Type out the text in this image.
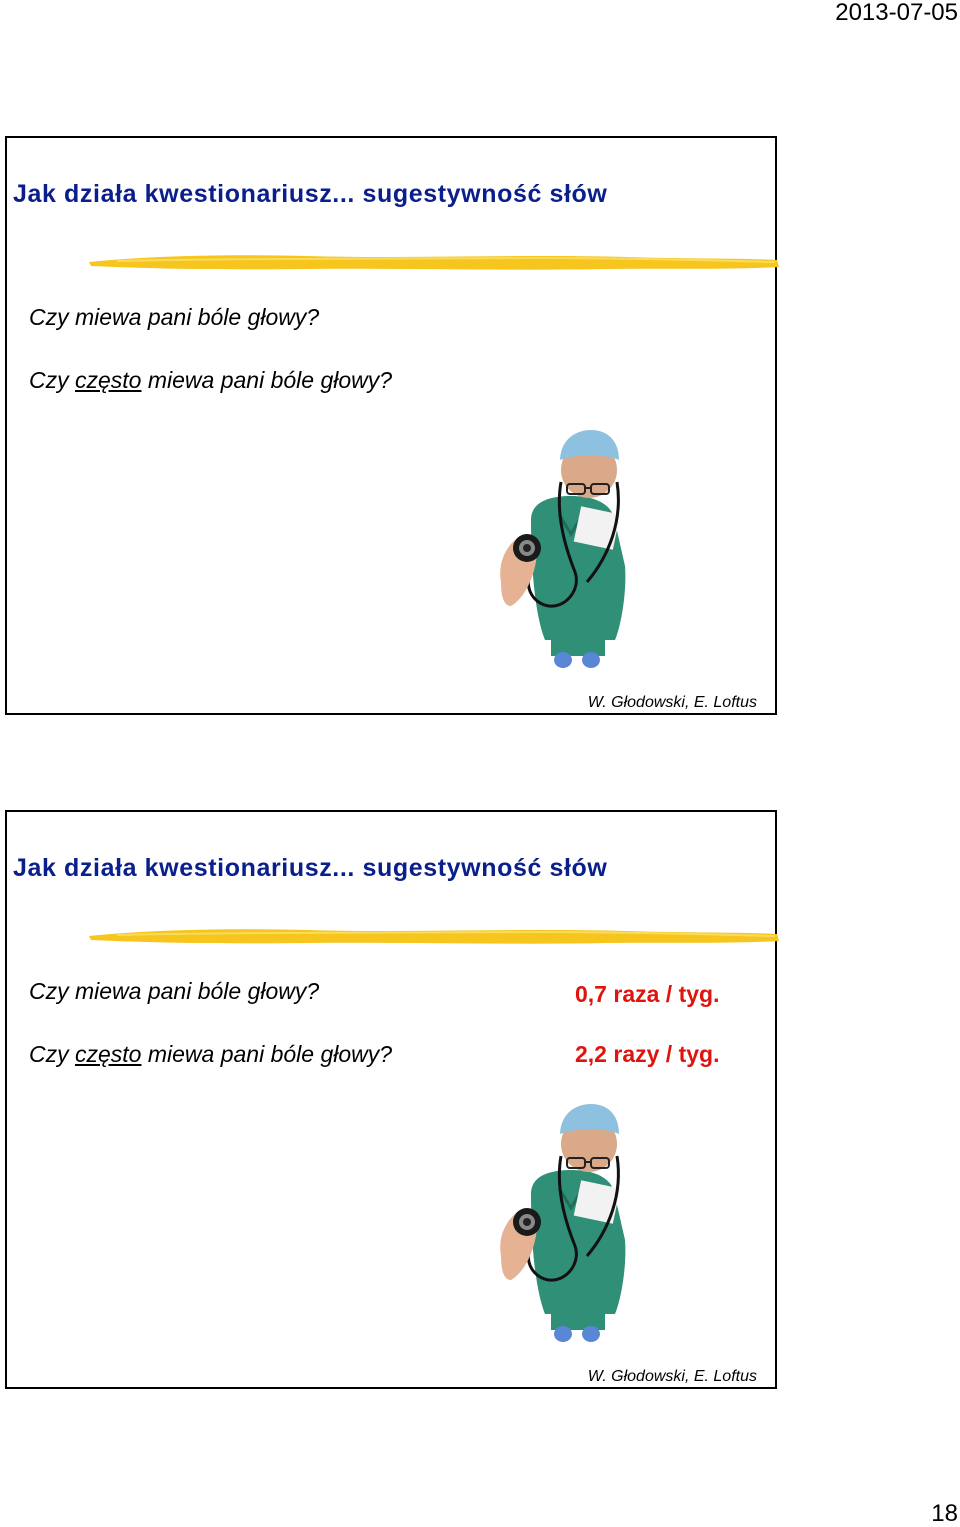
2013-07-05
Jak działa kwestionariusz... sugestywność słów
Czy miewa pani bóle głowy?
Czy często miewa pani bóle głowy?
W. Głodowski, E. Loftus
Jak działa kwestionariusz... sugestywność słów
Czy miewa pani bóle głowy?
Czy często miewa pani bóle głowy?
0,7 raza / tyg.
2,2 razy / tyg.
W. Głodowski, E. Loftus
18
